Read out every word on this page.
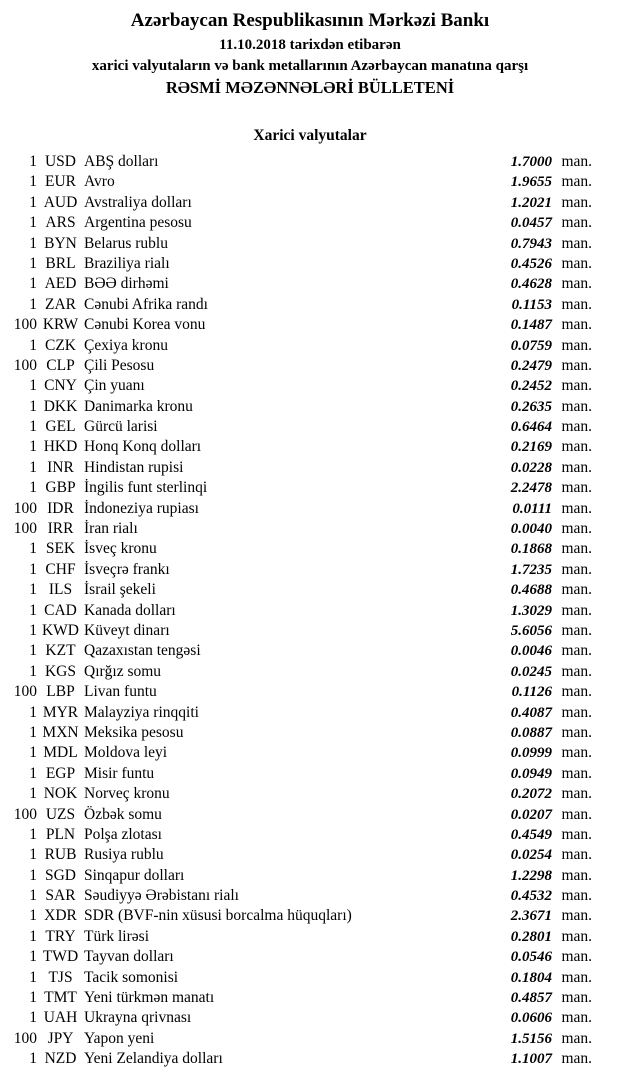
Azərbaycan Respublikasının Mərkəzi Bankı
11.10.2018 tarixdən etibarən
xarici valyutaların və bank metallarının Azərbaycan manatına qarşı
RƏSMİ MƏZƏNNƏLƏRİ BÜLLETENİ
Xarici valyutalar
1 USD ABŞ dolları	1.7000 man.
1 EUR Avro	1.9655 man.
1 AUD Avstraliya dolları	1.2021 man.
1 ARS Argentina pesosu	0.0457 man.
1 BYN Belarus rublu	0.7943 man.
1 BRL Braziliya rialı	0.4526 man.
1 AED BƏƏ dirhəmi	0.4628 man.
1 ZAR Cənubi Afrika randı	0.1153 man.
100 KRW Cənubi Korea vonu	0.1487 man.
1 CZK Çexiya kronu	0.0759 man.
100 CLP Çili Pesosu	0.2479 man.
1 CNY Çin yuanı	0.2452 man.
1 DKK Danimarka kronu	0.2635 man.
1 GEL Gürcü larisi	0.6464 man.
1 HKD Honq Konq dolları	0.2169 man.
1 INR Hindistan rupisi	0.0228 man.
1 GBP İngilis funt sterlinqi	2.2478 man.
100 IDR İndoneziya rupiası	0.0111 man.
100 IRR İran rialı	0.0040 man.
1 SEK İsveç kronu	0.1868 man.
1 CHF İsveçrə frankı	1.7235 man.
1 ILS İsrail şekeli	0.4688 man.
1 CAD Kanada dolları	1.3029 man.
1 KWD Küveyt dinarı	5.6056 man.
1 KZT Qazaxıstan tengəsi	0.0046 man.
1 KGS Qırğız somu	0.0245 man.
100 LBP Livan funtu	0.1126 man.
1 MYR Malayziya rinqqiti	0.4087 man.
1 MXN Meksika pesosu	0.0887 man.
1 MDL Moldova leyi	0.0999 man.
1 EGP Misir funtu	0.0949 man.
1 NOK Norveç kronu	0.2072 man.
100 UZS Özbək somu	0.0207 man.
1 PLN Polşa zlotası	0.4549 man.
1 RUB Rusiya rublu	0.0254 man.
1 SGD Sinqapur dolları	1.2298 man.
1 SAR Səudiyyə Ərəbistanı rialı	0.4532 man.
1 XDR SDR (BVF-nin xüsusi borcalma hüquqları)	2.3671 man.
1 TRY Türk lirəsi	0.2801 man.
1 TWD Tayvan dolları	0.0546 man.
1 TJS Tacik somonisi	0.1804 man.
1 TMT Yeni türkmən manatı	0.4857 man.
1 UAH Ukrayna qrivnası	0.0606 man.
100 JPY Yapon yeni	1.5156 man.
1 NZD Yeni Zelandiya dolları	1.1007 man.
